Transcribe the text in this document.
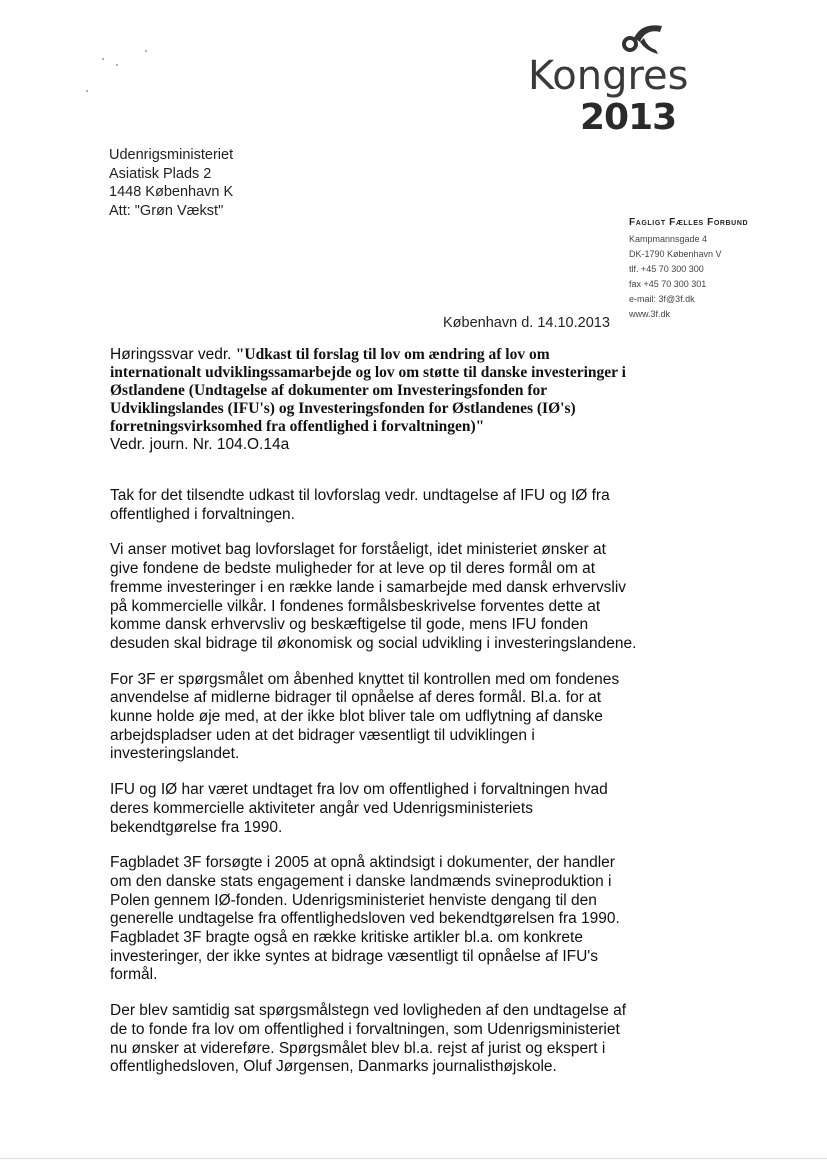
Kongres
2013
Udenrigsministeriet
Asiatisk Plads 2
1448 København K
Att: "Grøn Vækst"
Fagligt Fælles Forbund
Kampmannsgade 4
DK-1790 København V
tlf. +45 70 300 300
fax +45 70 300 301
e-mail: 3f@3f.dk
www.3f.dk
København d. 14.10.2013
Høringssvar vedr. "Udkast til forslag til lov om ændring af lov om internationalt udviklingssamarbejde og lov om støtte til danske investeringer i Østlandene (Undtagelse af dokumenter om Investeringsfonden for Udviklingslandes (IFU's) og Investeringsfonden for Østlandenes (IØ's) forretningsvirksomhed fra offentlighed i forvaltningen)"
Vedr. journ. Nr. 104.O.14a
Tak for det tilsendte udkast til lovforslag vedr. undtagelse af IFU og IØ fra
offentlighed i forvaltningen.
Vi anser motivet bag lovforslaget for forståeligt, idet ministeriet ønsker at
give fondene de bedste muligheder for at leve op til deres formål om at
fremme investeringer i en række lande i samarbejde med dansk erhvervsliv
på kommercielle vilkår. I fondenes formålsbeskrivelse forventes dette at
komme dansk erhvervsliv og beskæftigelse til gode, mens IFU fonden
desuden skal bidrage til økonomisk og social udvikling i investeringslandene.
For 3F er spørgsmålet om åbenhed knyttet til kontrollen med om fondenes
anvendelse af midlerne bidrager til opnåelse af deres formål. Bl.a. for at
kunne holde øje med, at der ikke blot bliver tale om udflytning af danske
arbejdspladser uden at det bidrager væsentligt til udviklingen i
investeringslandet.
IFU og IØ har været undtaget fra lov om offentlighed i forvaltningen hvad
deres kommercielle aktiviteter angår ved Udenrigsministeriets
bekendtgørelse fra 1990.
Fagbladet 3F forsøgte i 2005 at opnå aktindsigt i dokumenter, der handler
om den danske stats engagement i danske landmænds svineproduktion i
Polen gennem IØ-fonden. Udenrigsministeriet henviste dengang til den
generelle undtagelse fra offentlighedsloven ved bekendtgørelsen fra 1990.
Fagbladet 3F bragte også en række kritiske artikler bl.a. om konkrete
investeringer, der ikke syntes at bidrage væsentligt til opnåelse af IFU's
formål.
Der blev samtidig sat spørgsmålstegn ved lovligheden af den undtagelse af
de to fonde fra lov om offentlighed i forvaltningen, som Udenrigsministeriet
nu ønsker at videreføre. Spørgsmålet blev bl.a. rejst af jurist og ekspert i
offentlighedsloven, Oluf Jørgensen, Danmarks journalisthøjskole.
